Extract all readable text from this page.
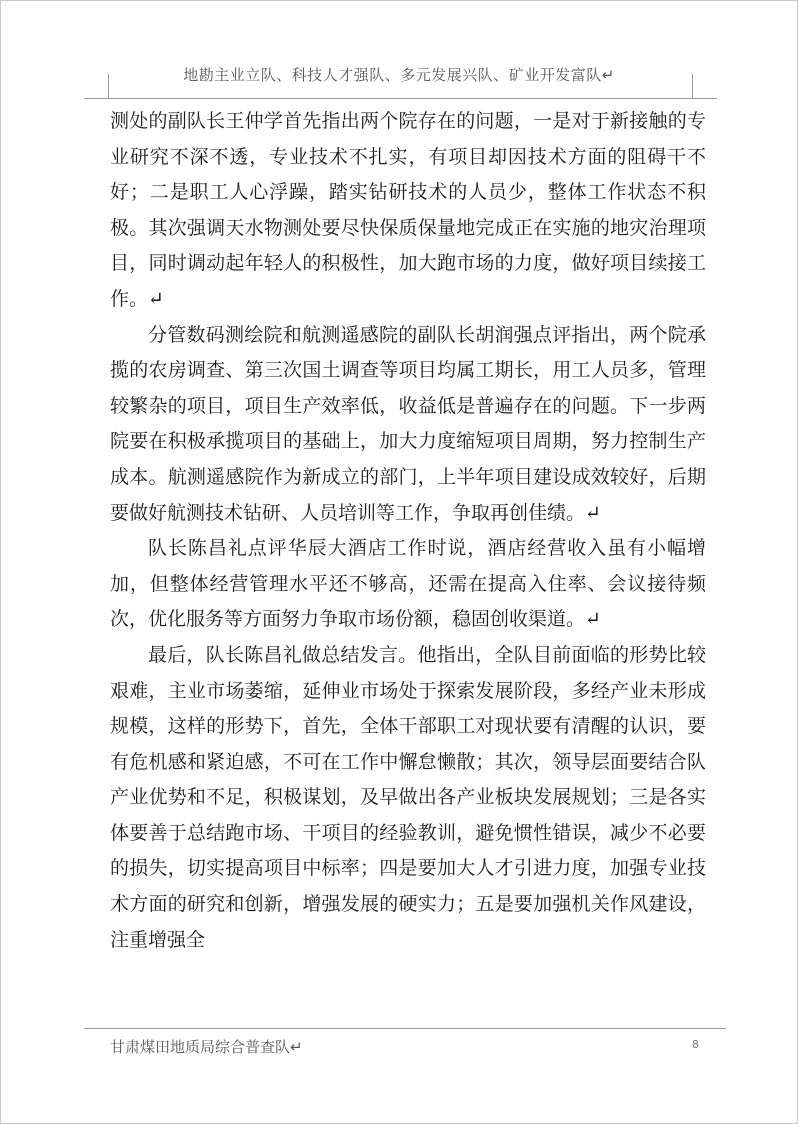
地勘主业立队、科技人才强队、多元发展兴队、矿业开发富队↵

测处的副队长王仲学首先指出两个院存在的问题，一是对于新接触的专业研究不深不透，专业技术不扎实，有项目却因技术方面的阻碍干不好；二是职工人心浮躁，踏实钻研技术的人员少，整体工作状态不积极。其次强调天水物测处要尽快保质保量地完成正在实施的地灾治理项目，同时调动起年轻人的积极性，加大跑市场的力度，做好项目续接工作。↵

分管数码测绘院和航测遥感院的副队长胡润强点评指出，两个院承揽的农房调查、第三次国土调查等项目均属工期长，用工人员多，管理较繁杂的项目，项目生产效率低，收益低是普遍存在的问题。下一步两院要在积极承揽项目的基础上，加大力度缩短项目周期，努力控制生产成本。航测遥感院作为新成立的部门，上半年项目建设成效较好，后期要做好航测技术钻研、人员培训等工作，争取再创佳绩。↵

队长陈昌礼点评华辰大酒店工作时说，酒店经营收入虽有小幅增加，但整体经营管理水平还不够高，还需在提高入住率、会议接待频次，优化服务等方面努力争取市场份额，稳固创收渠道。↵

最后，队长陈昌礼做总结发言。他指出，全队目前面临的形势比较艰难，主业市场萎缩，延伸业市场处于探索发展阶段，多经产业未形成规模，这样的形势下，首先，全体干部职工对现状要有清醒的认识，要有危机感和紧迫感，不可在工作中懈怠懒散；其次，领导层面要结合队产业优势和不足，积极谋划，及早做出各产业板块发展规划；三是各实体要善于总结跑市场、干项目的经验教训，避免惯性错误，减少不必要的损失，切实提高项目中标率；四是要加大人才引进力度，加强专业技术方面的研究和创新，增强发展的硬实力；五是要加强机关作风建设，注重增强全

甘肃煤田地质局综合普查队↵	8
